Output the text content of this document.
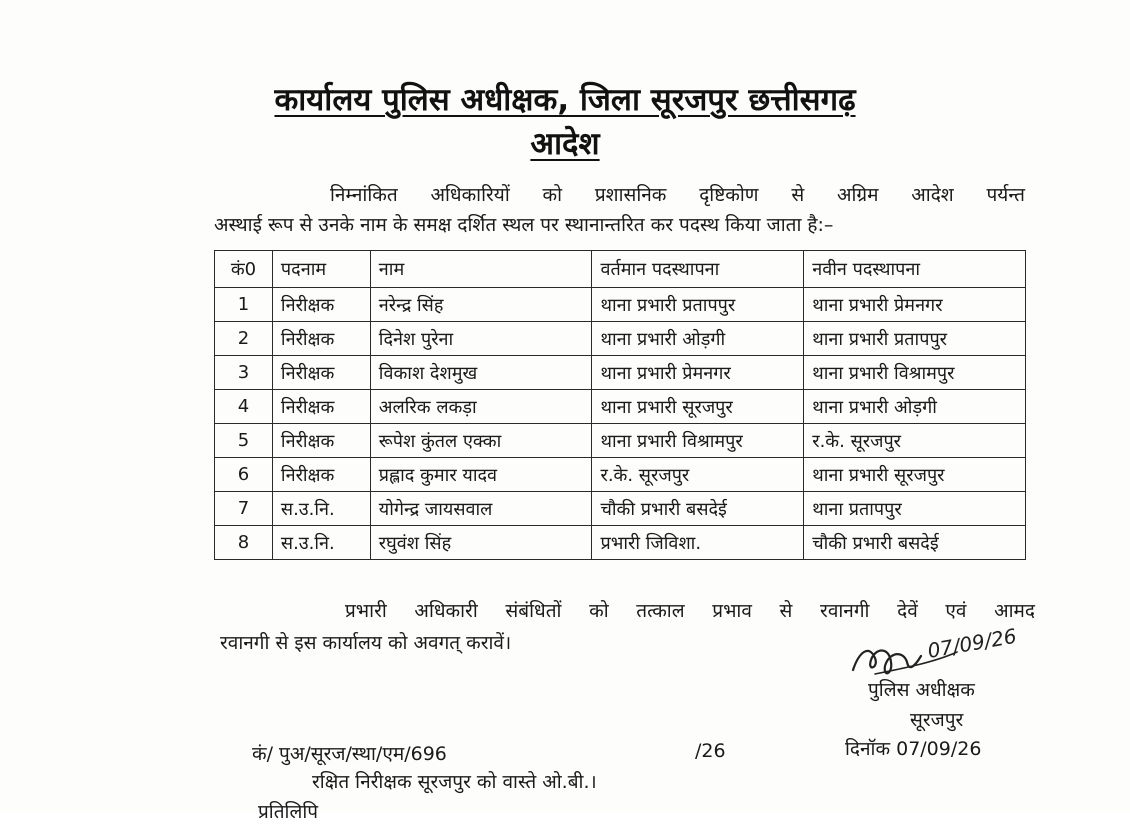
कार्यालय पुलिस अधीक्षक, जिला सूरजपुर छत्तीसगढ़
आदेश
निम्नांकित अधिकारियों को प्रशासनिक दृष्टिकोण से अग्रिम आदेश पर्यन्त
अस्थाई रूप से उनके नाम के समक्ष दर्शित स्थल पर स्थानान्तरित कर पदस्थ किया जाता है:–
कं0	पदनाम	नाम	वर्तमान पदस्थापना	नवीन पदस्थापना
1	निरीक्षक	नरेन्द्र सिंह	थाना प्रभारी प्रतापपुर	थाना प्रभारी प्रेमनगर
2	निरीक्षक	दिनेश पुरेना	थाना प्रभारी ओड़गी	थाना प्रभारी प्रतापपुर
3	निरीक्षक	विकाश देशमुख	थाना प्रभारी प्रेमनगर	थाना प्रभारी विश्रामपुर
4	निरीक्षक	अलरिक लकड़ा	थाना प्रभारी सूरजपुर	थाना प्रभारी ओड़गी
5	निरीक्षक	रूपेश कुंतल एक्का	थाना प्रभारी विश्रामपुर	र.के. सूरजपुर
6	निरीक्षक	प्रह्लाद कुमार यादव	र.के. सूरजपुर	थाना प्रभारी सूरजपुर
7	स.उ.नि.	योगेन्द्र जायसवाल	चौकी प्रभारी बसदेई	थाना प्रतापपुर
8	स.उ.नि.	रघुवंश सिंह	प्रभारी जिविशा.	चौकी प्रभारी बसदेई
प्रभारी अधिकारी संबंधितों को तत्काल प्रभाव से रवानगी देवें एवं आमद
रवानगी से इस कार्यालय को अवगत् करावें।	07/09/26
पुलिस अधीक्षक
सूरजपुर
कं/ पुअ/सूरज/स्था/एम/696	/26	दिनॉक 07/09/26
रक्षित निरीक्षक सूरजपुर को वास्ते ओ.बी.।
प्रतिलिपि
